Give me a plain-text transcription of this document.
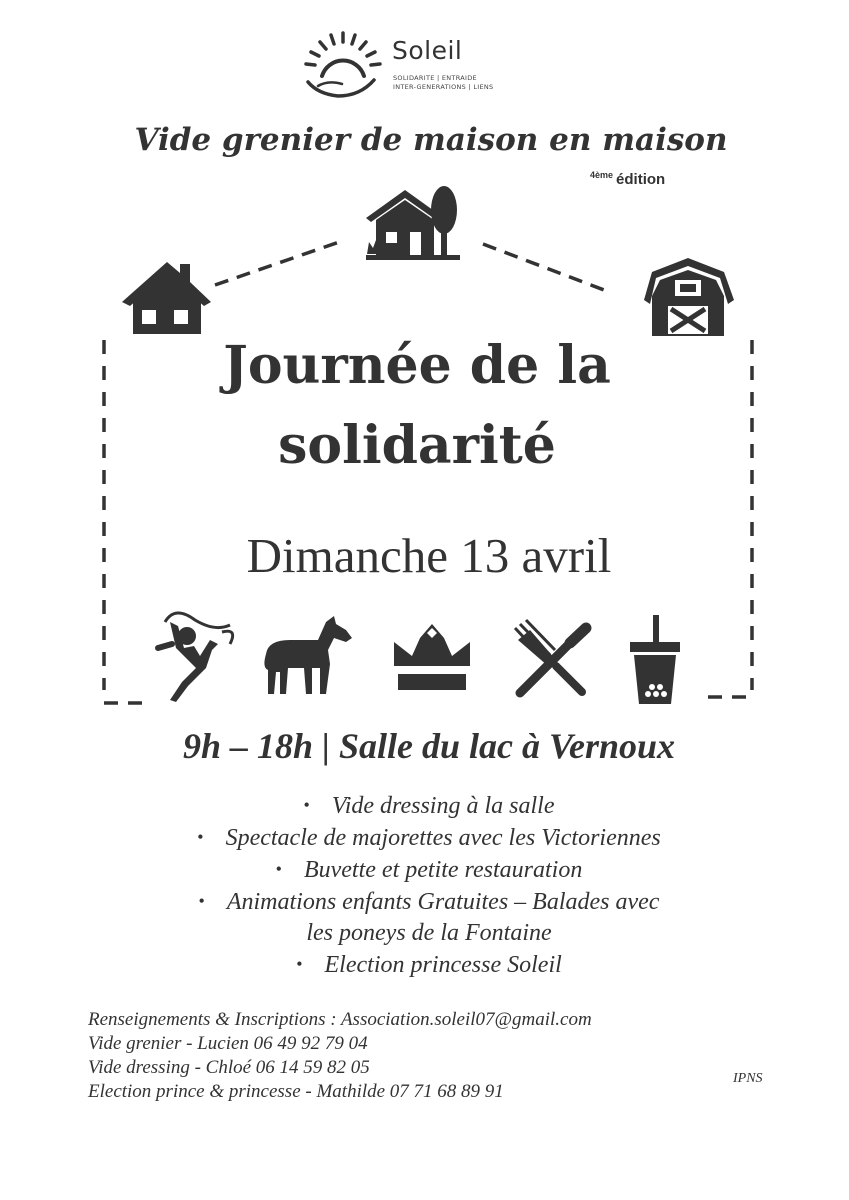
Soleil
SOLIDARITE | ENTRAIDE
INTER-GENERATIONS | LIENS
Vide grenier de maison en maison
$^{4ème}$ édition
Journée de la
solidarité
Dimanche 13 avril
9h – 18h | Salle du lac à Vernoux
• Vide dressing à la salle
• Spectacle de majorettes avec les Victoriennes
• Buvette et petite restauration
• Animations enfants Gratuites – Balades avec
les poneys de la Fontaine
• Election princesse Soleil
Renseignements & Inscriptions : Association.soleil07@gmail.com
Vide grenier - Lucien 06 49 92 79 04
Vide dressing - Chloé 06 14 59 82 05
Election prince & princesse - Mathilde 07 71 68 89 91
IPNS
